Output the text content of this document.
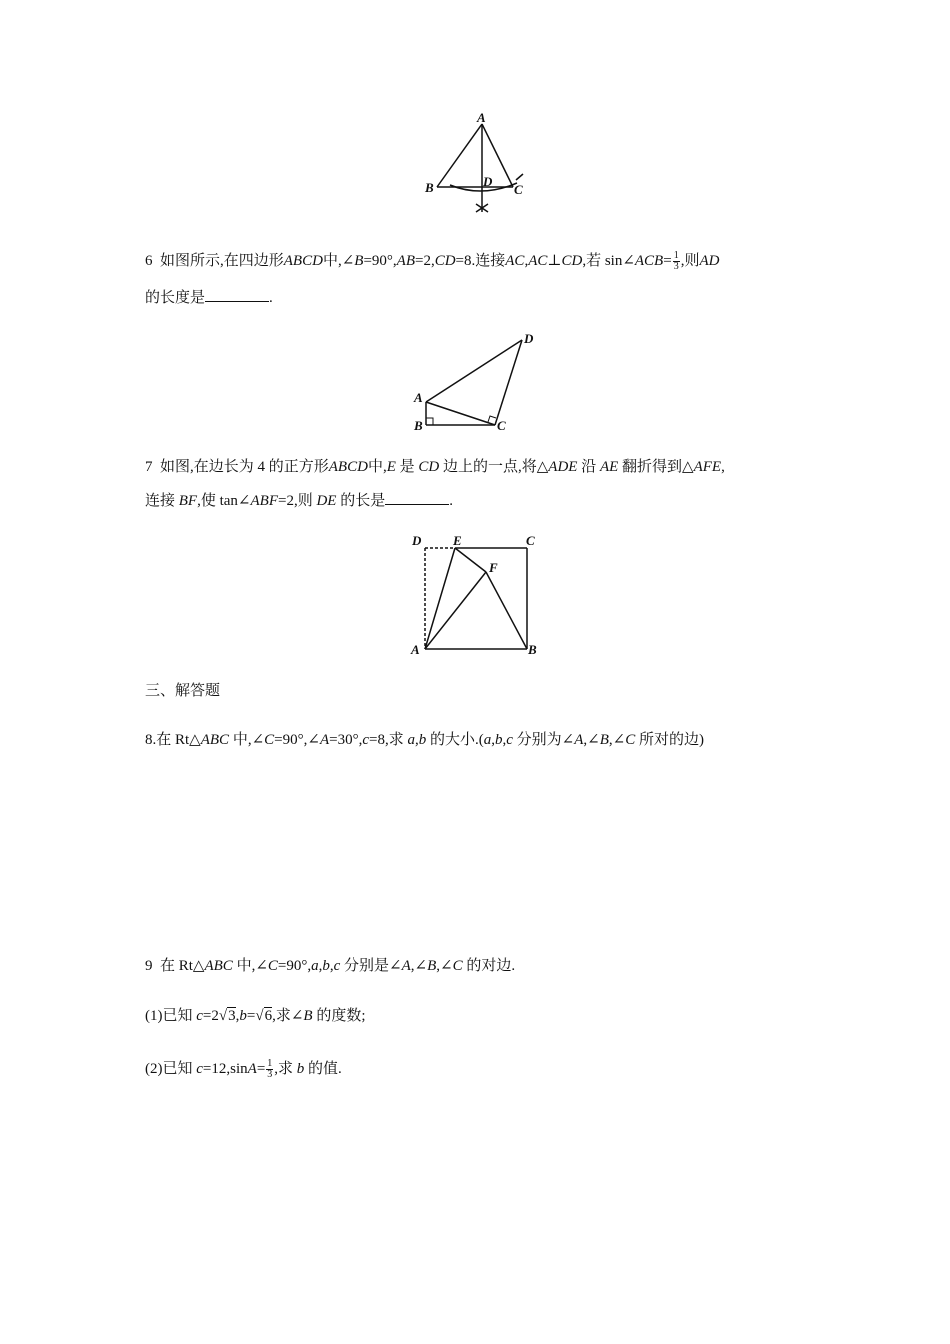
A
B	D
C
6 如图所示,在四边形ABCD中,∠B=90°,AB=2,CD=8.连接AC,AC⊥CD,若 sin∠ACB= $\frac{1}{3}$ ,则AD
的长度是	.
A
B	C
D
7 如图,在边长为 4 的正方形ABCD中,E 是 CD 边上的一点,将△ADE 沿 AE 翻折得到△AFE,
连接 BF,使 tan∠ABF=2,则 DE 的长是	.
D E	C
F
A	B
三、解答题
8.在 Rt△ABC 中,∠C=90°,∠A=30°,c=8,求 a,b 的大小.(a,b,c 分别为∠A,∠B,∠C 所对的边)
9 在 Rt△ABC 中,∠C=90°,a,b,c 分别是∠A,∠B,∠C 的对边.
(1)已知 c=2√3,b=√6,求∠B 的度数;
(2)已知 $c=12,\sin A= \frac{1}{3}$ ,求 b 的值.
